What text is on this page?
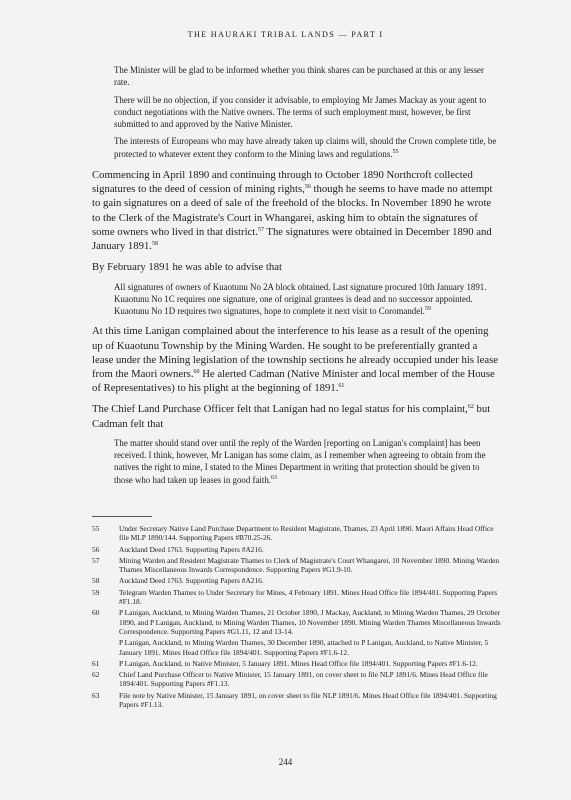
THE HAURAKI TRIBAL LANDS — PART I

The Minister will be glad to be informed whether you think shares can be purchased at this or any lesser rate.

There will be no objection, if you consider it advisable, to employing Mr James Mackay as your agent to conduct negotiations with the Native owners. The terms of such employment must, however, be first submitted to and approved by the Native Minister.

The interests of Europeans who may have already taken up claims will, should the Crown complete title, be protected to whatever extent they conform to the Mining laws and regulations.$^{55}$

Commencing in April 1890 and continuing through to October 1890 Northcroft collected signatures to the deed of cession of mining rights,$^{56}$ though he seems to have made no attempt to gain signatures on a deed of sale of the freehold of the blocks. In November 1890 he wrote to the Clerk of the Magistrate's Court in Whangarei, asking him to obtain the signatures of some owners who lived in that district.$^{57}$ The signatures were obtained in December 1890 and January 1891.58

By February 1891 he was able to advise that

All signatures of owners of Kuaotunu No 2A block obtained. Last signature procured 10th January 1891. Kuaotunu No 1C requires one signature, one of original grantees is dead and no successor appointed. Kuaotunu No 1D requires two signatures, hope to complete it next visit to Coromandel.$^{59}$

At this time Lanigan complained about the interference to his lease as a result of the opening up of Kuaotunu Township by the Mining Warden. He sought to be preferentially granted a lease under the Mining legislation of the township sections he already occupied under his lease from the Maori owners.$^{60}$ He alerted Cadman (Native Minister and local member of the House of Representatives) to his plight at the beginning of 1891.61

The Chief Land Purchase Officer felt that Lanigan had no legal status for his complaint,$^{62}$ but Cadman felt that

The matter should stand over until the reply of the Warden [reporting on Lanigan's complaint] has been received. I think, however, Mr Lanigan has some claim, as I remember when agreeing to obtain from the natives the right to mine, I stated to the Mines Department in writing that protection should be given to those who had taken up leases in good faith.$^{63}$

55	Under Secretary Native Land Purchase Department to Resident Magistrate, Thames, 23 April 1890. Maori Affairs Head Office file MLP 1890/144. Supporting Papers #B70.25-26.
56	Auckland Deed 1763. Supporting Papers #A216.
57	Mining Warden and Resident Magistrate Thames to Clerk of Magistrate's Court Whangarei, 10 November 1890. Mining Warden Thames Miscellaneous Inwards Correspondence. Supporting Papers #G1.9-10.
58	Auckland Deed 1763. Supporting Papers #A216.
59	Telegram Warden Thames to Under Secretary for Mines, 4 February 1891. Mines Head Office file 1894/401. Supporting Papers #F1.18.
60	P Lanigan, Auckland, to Mining Warden Thames, 21 October 1890, J Mackay, Auckland, to Mining Warden Thames, 29 October 1890, and P Lanigan, Auckland, to Mining Warden Thames, 10 November 1890. Mining Warden Thames Miscellaneous Inwards Correspondence. Supporting Papers #G1.11, 12 and 13-14.
P Lanigan, Auckland, to Mining Warden Thames, 30 December 1890, attached to P Lanigan, Auckland, to Native Minister, 5 January 1891. Mines Head Office file 1894/401. Supporting Papers #F1.6-12.
61	P Lanigan, Auckland, to Native Minister, 5 January 1891. Mines Head Office file 1894/401. Supporting Papers #F1.6-12.
62	Chief Land Purchase Officer to Native Minister, 15 January 1891, on cover sheet to file NLP 1891/6. Mines Head Office file 1894/401. Supporting Papers #F1.13.
63	File note by Native Minister, 15 January 1891, on cover sheet to file NLP 1891/6. Mines Head Office file 1894/401. Supporting Papers #F1.13.
244
